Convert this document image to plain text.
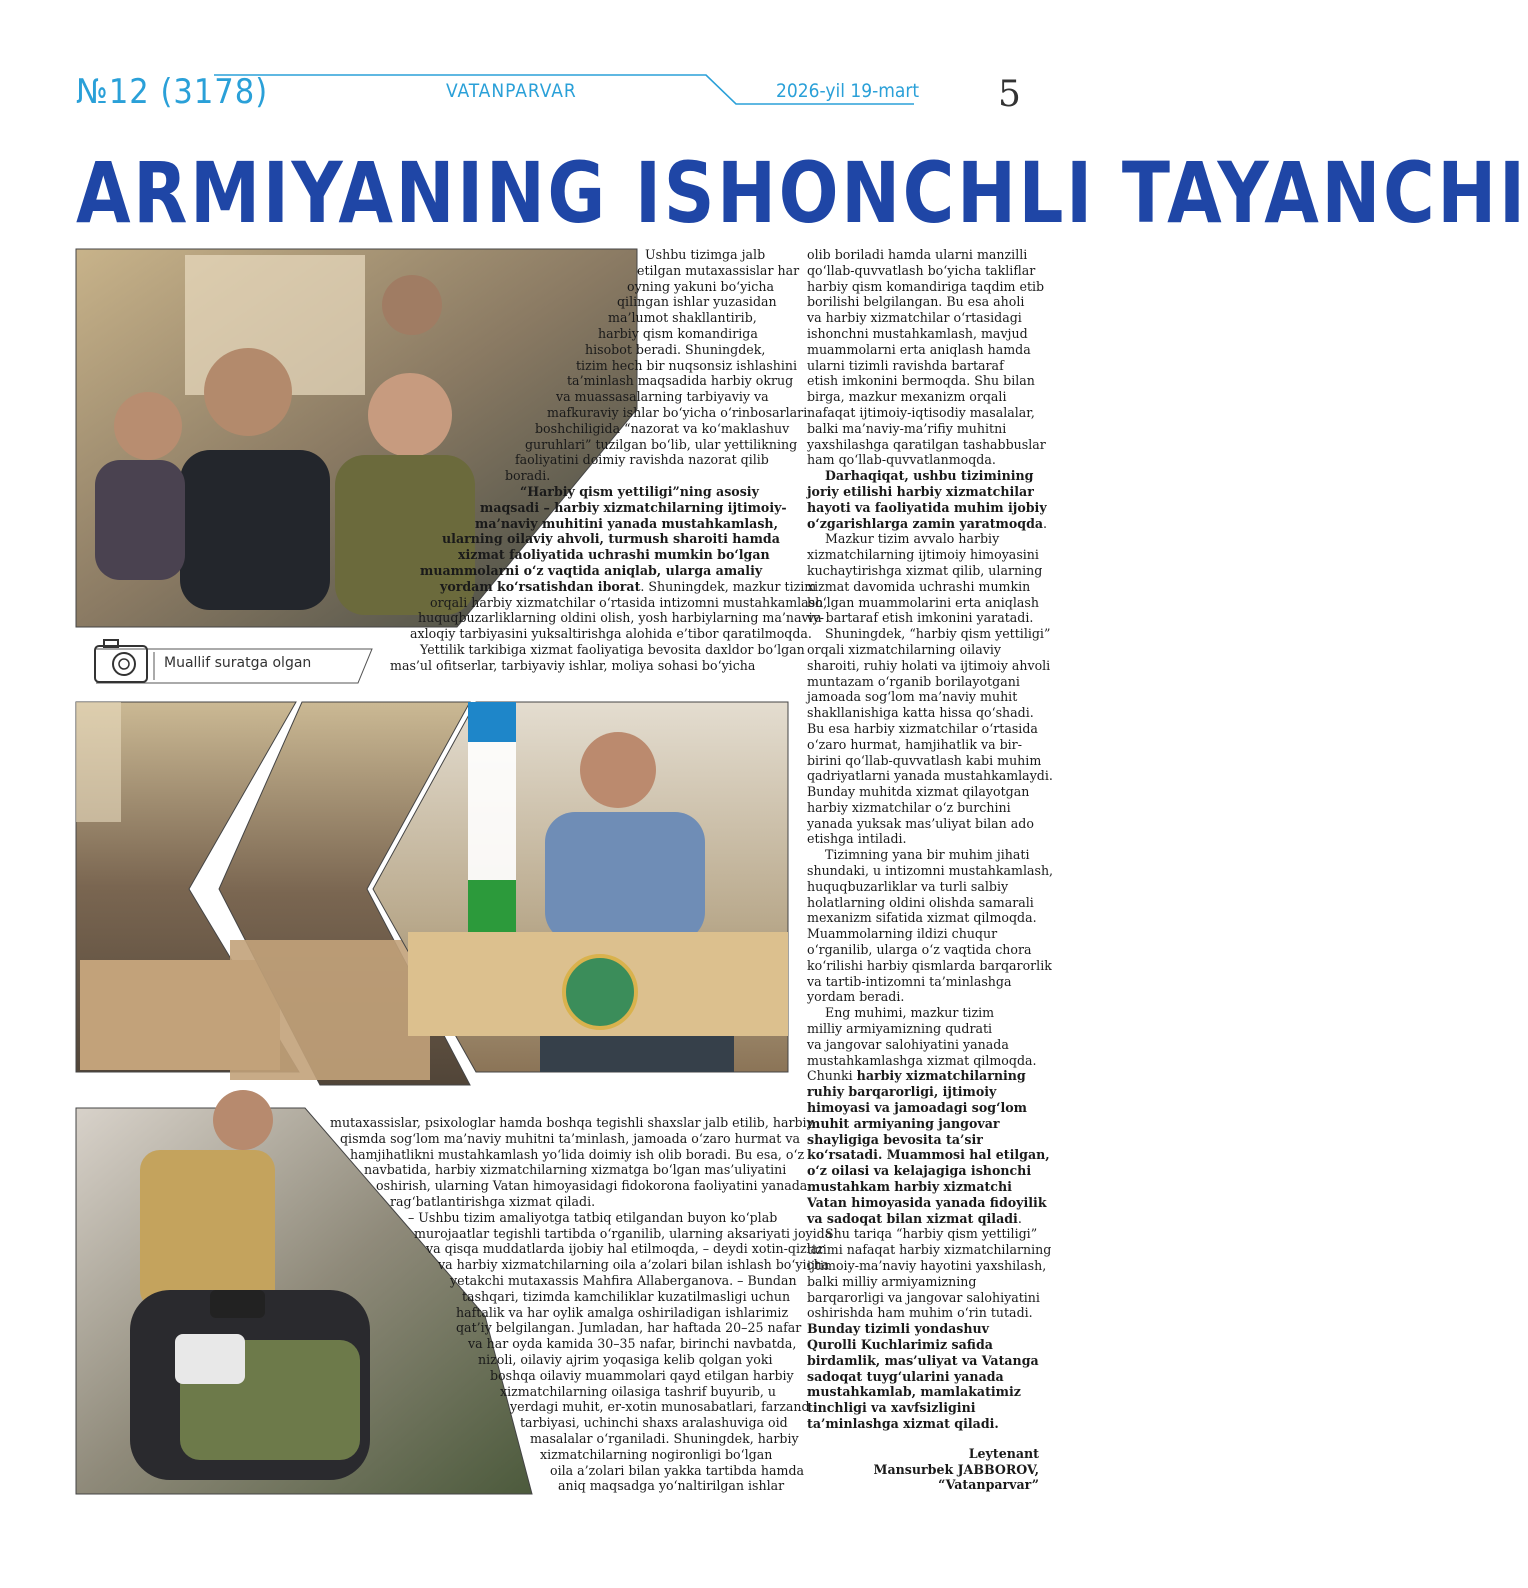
№12 (3178)	VATANPARVAR	2026-yil 19-mart 5
ARMIYANING ISHONCHLI TAYANCHI
Muallif suratga olgan
Ushbu tizimga jalb
etilgan mutaxassislar har
oyning yakuni bo‘yicha
qilingan ishlar yuzasidan
ma’lumot shakllantirib,
harbiy qism komandiriga
hisobot beradi. Shuningdek,
tizim hech bir nuqsonsiz ishlashini
ta’minlash maqsadida harbiy okrug
va muassasalarning tarbiyaviy va
mafkuraviy ishlar bo‘yicha o‘rinbosarlari
boshchiligida “nazorat va ko‘maklashuv
guruhlari” tuzilgan bo‘lib, ular yettilikning
faoliyatini doimiy ravishda nazorat qilib
boradi.
“Harbiy qism yettiligi”ning asosiy
maqsadi – harbiy xizmatchilarning ijtimoiy-
ma’naviy muhitini yanada mustahkamlash,
ularning oilaviy ahvoli, turmush sharoiti hamda
xizmat faoliyatida uchrashi mumkin bo‘lgan
muammolarni o‘z vaqtida aniqlab, ularga amaliy
yordam ko‘rsatishdan iborat. Shuningdek, mazkur tizim
orqali harbiy xizmatchilar o‘rtasida intizomni mustahkamlash,
huquqbuzarliklarning oldini olish, yosh harbiylarning ma’naviy-
axloqiy tarbiyasini yuksaltirishga alohida e’tibor qaratilmoqda.
Yettilik tarkibiga xizmat faoliyatiga bevosita daxldor bo‘lgan
mas’ul ofitserlar, tarbiyaviy ishlar, moliya sohasi bo‘yicha
mutaxassislar, psixologlar hamda boshqa tegishli shaxslar jalb etilib, harbiy
qismda sog‘lom ma’naviy muhitni ta’minlash, jamoada o‘zaro hurmat va
hamjihatlikni mustahkamlash yo‘lida doimiy ish olib boradi. Bu esa, o‘z
navbatida, harbiy xizmatchilarning xizmatga bo‘lgan mas’uliyatini
oshirish, ularning Vatan himoyasidagi fidokorona faoliyatini yanada
rag‘batlantirishga xizmat qiladi.
– Ushbu tizim amaliyotga tatbiq etilgandan buyon ko‘plab
murojaatlar tegishli tartibda o‘rganilib, ularning aksariyati joyida
va qisqa muddatlarda ijobiy hal etilmoqda, – deydi xotin-qizlar
va harbiy xizmatchilarning oila a’zolari bilan ishlash bo‘yicha
yetakchi mutaxassis Mahfira Allaberganova. – Bundan
tashqari, tizimda kamchiliklar kuzatilmasligi uchun
haftalik va har oylik amalga oshiriladigan ishlarimiz
qat’iy belgilangan. Jumladan, har haftada 20–25 nafar
va har oyda kamida 30–35 nafar, birinchi navbatda,
nizoli, oilaviy ajrim yoqasiga kelib qolgan yoki
boshqa oilaviy muammolari qayd etilgan harbiy
xizmatchilarning oilasiga tashrif buyurib, u
yerdagi muhit, er-xotin munosabatlari, farzand
tarbiyasi, uchinchi shaxs aralashuviga oid
masalalar o‘rganiladi. Shuningdek, harbiy
xizmatchilarning nogironligi bo‘lgan
oila a’zolari bilan yakka tartibda hamda
aniq maqsadga yo‘naltirilgan ishlar
olib boriladi hamda ularni manzilli
qo‘llab-quvvatlash bo‘yicha takliflar
harbiy qism komandiriga taqdim etib
borilishi belgilangan. Bu esa aholi
va harbiy xizmatchilar o‘rtasidagi
ishonchni mustahkamlash, mavjud
muammolarni erta aniqlash hamda
ularni tizimli ravishda bartaraf
etish imkonini bermoqda. Shu bilan
birga, mazkur mexanizm orqali
nafaqat ijtimoiy-iqtisodiy masalalar,
balki ma’naviy-ma’rifiy muhitni
yaxshilashga qaratilgan tashabbuslar
ham qo‘llab-quvvatlanmoqda.
Darhaqiqat, ushbu tizimining
joriy etilishi harbiy xizmatchilar
hayoti va faoliyatida muhim ijobiy
o‘zgarishlarga zamin yaratmoqda.
Mazkur tizim avvalo harbiy
xizmatchilarning ijtimoiy himoyasini
kuchaytirishga xizmat qilib, ularning
xizmat davomida uchrashi mumkin
bo‘lgan muammolarini erta aniqlash
va bartaraf etish imkonini yaratadi.
Shuningdek, “harbiy qism yettiligi”
orqali xizmatchilarning oilaviy
sharoiti, ruhiy holati va ijtimoiy ahvoli
muntazam o‘rganib borilayotgani
jamoada sog‘lom ma’naviy muhit
shakllanishiga katta hissa qo‘shadi.
Bu esa harbiy xizmatchilar o‘rtasida
o‘zaro hurmat, hamjihatlik va bir-
birini qo‘llab-quvvatlash kabi muhim
qadriyatlarni yanada mustahkamlaydi.
Bunday muhitda xizmat qilayotgan
harbiy xizmatchilar o‘z burchini
yanada yuksak mas’uliyat bilan ado
etishga intiladi.
Tizimning yana bir muhim jihati
shundaki, u intizomni mustahkamlash,
huquqbuzarliklar va turli salbiy
holatlarning oldini olishda samarali
mexanizm sifatida xizmat qilmoqda.
Muammolarning ildizi chuqur
o‘rganilib, ularga o‘z vaqtida chora
ko‘rilishi harbiy qismlarda barqarorlik
va tartib-intizomni ta’minlashga
yordam beradi.
Eng muhimi, mazkur tizim
milliy armiyamizning qudrati
va jangovar salohiyatini yanada
mustahkamlashga xizmat qilmoqda.
Chunki harbiy xizmatchilarning
ruhiy barqarorligi, ijtimoiy
himoyasi va jamoadagi sog‘lom
muhit armiyaning jangovar
shayligiga bevosita ta’sir
ko‘rsatadi. Muammosi hal etilgan,
o‘z oilasi va kelajagiga ishonchi
mustahkam harbiy xizmatchi
Vatan himoyasida yanada fidoyilik
va sadoqat bilan xizmat qiladi.
Shu tariqa “harbiy qism yettiligi”
tizimi nafaqat harbiy xizmatchilarning
ijtimoiy-ma’naviy hayotini yaxshilash,
balki milliy armiyamizning
barqarorligi va jangovar salohiyatini
oshirishda ham muhim o‘rin tutadi.
Bunday tizimli yondashuv
Qurolli Kuchlarimiz safida
birdamlik, mas’uliyat va Vatanga
sadoqat tuyg‘ularini yanada
mustahkamlab, mamlakatimiz
tinchligi va xavfsizligini
ta’minlashga xizmat qiladi.
Leytenant
Mansurbek JABBOROV,
“Vatanparvar”
